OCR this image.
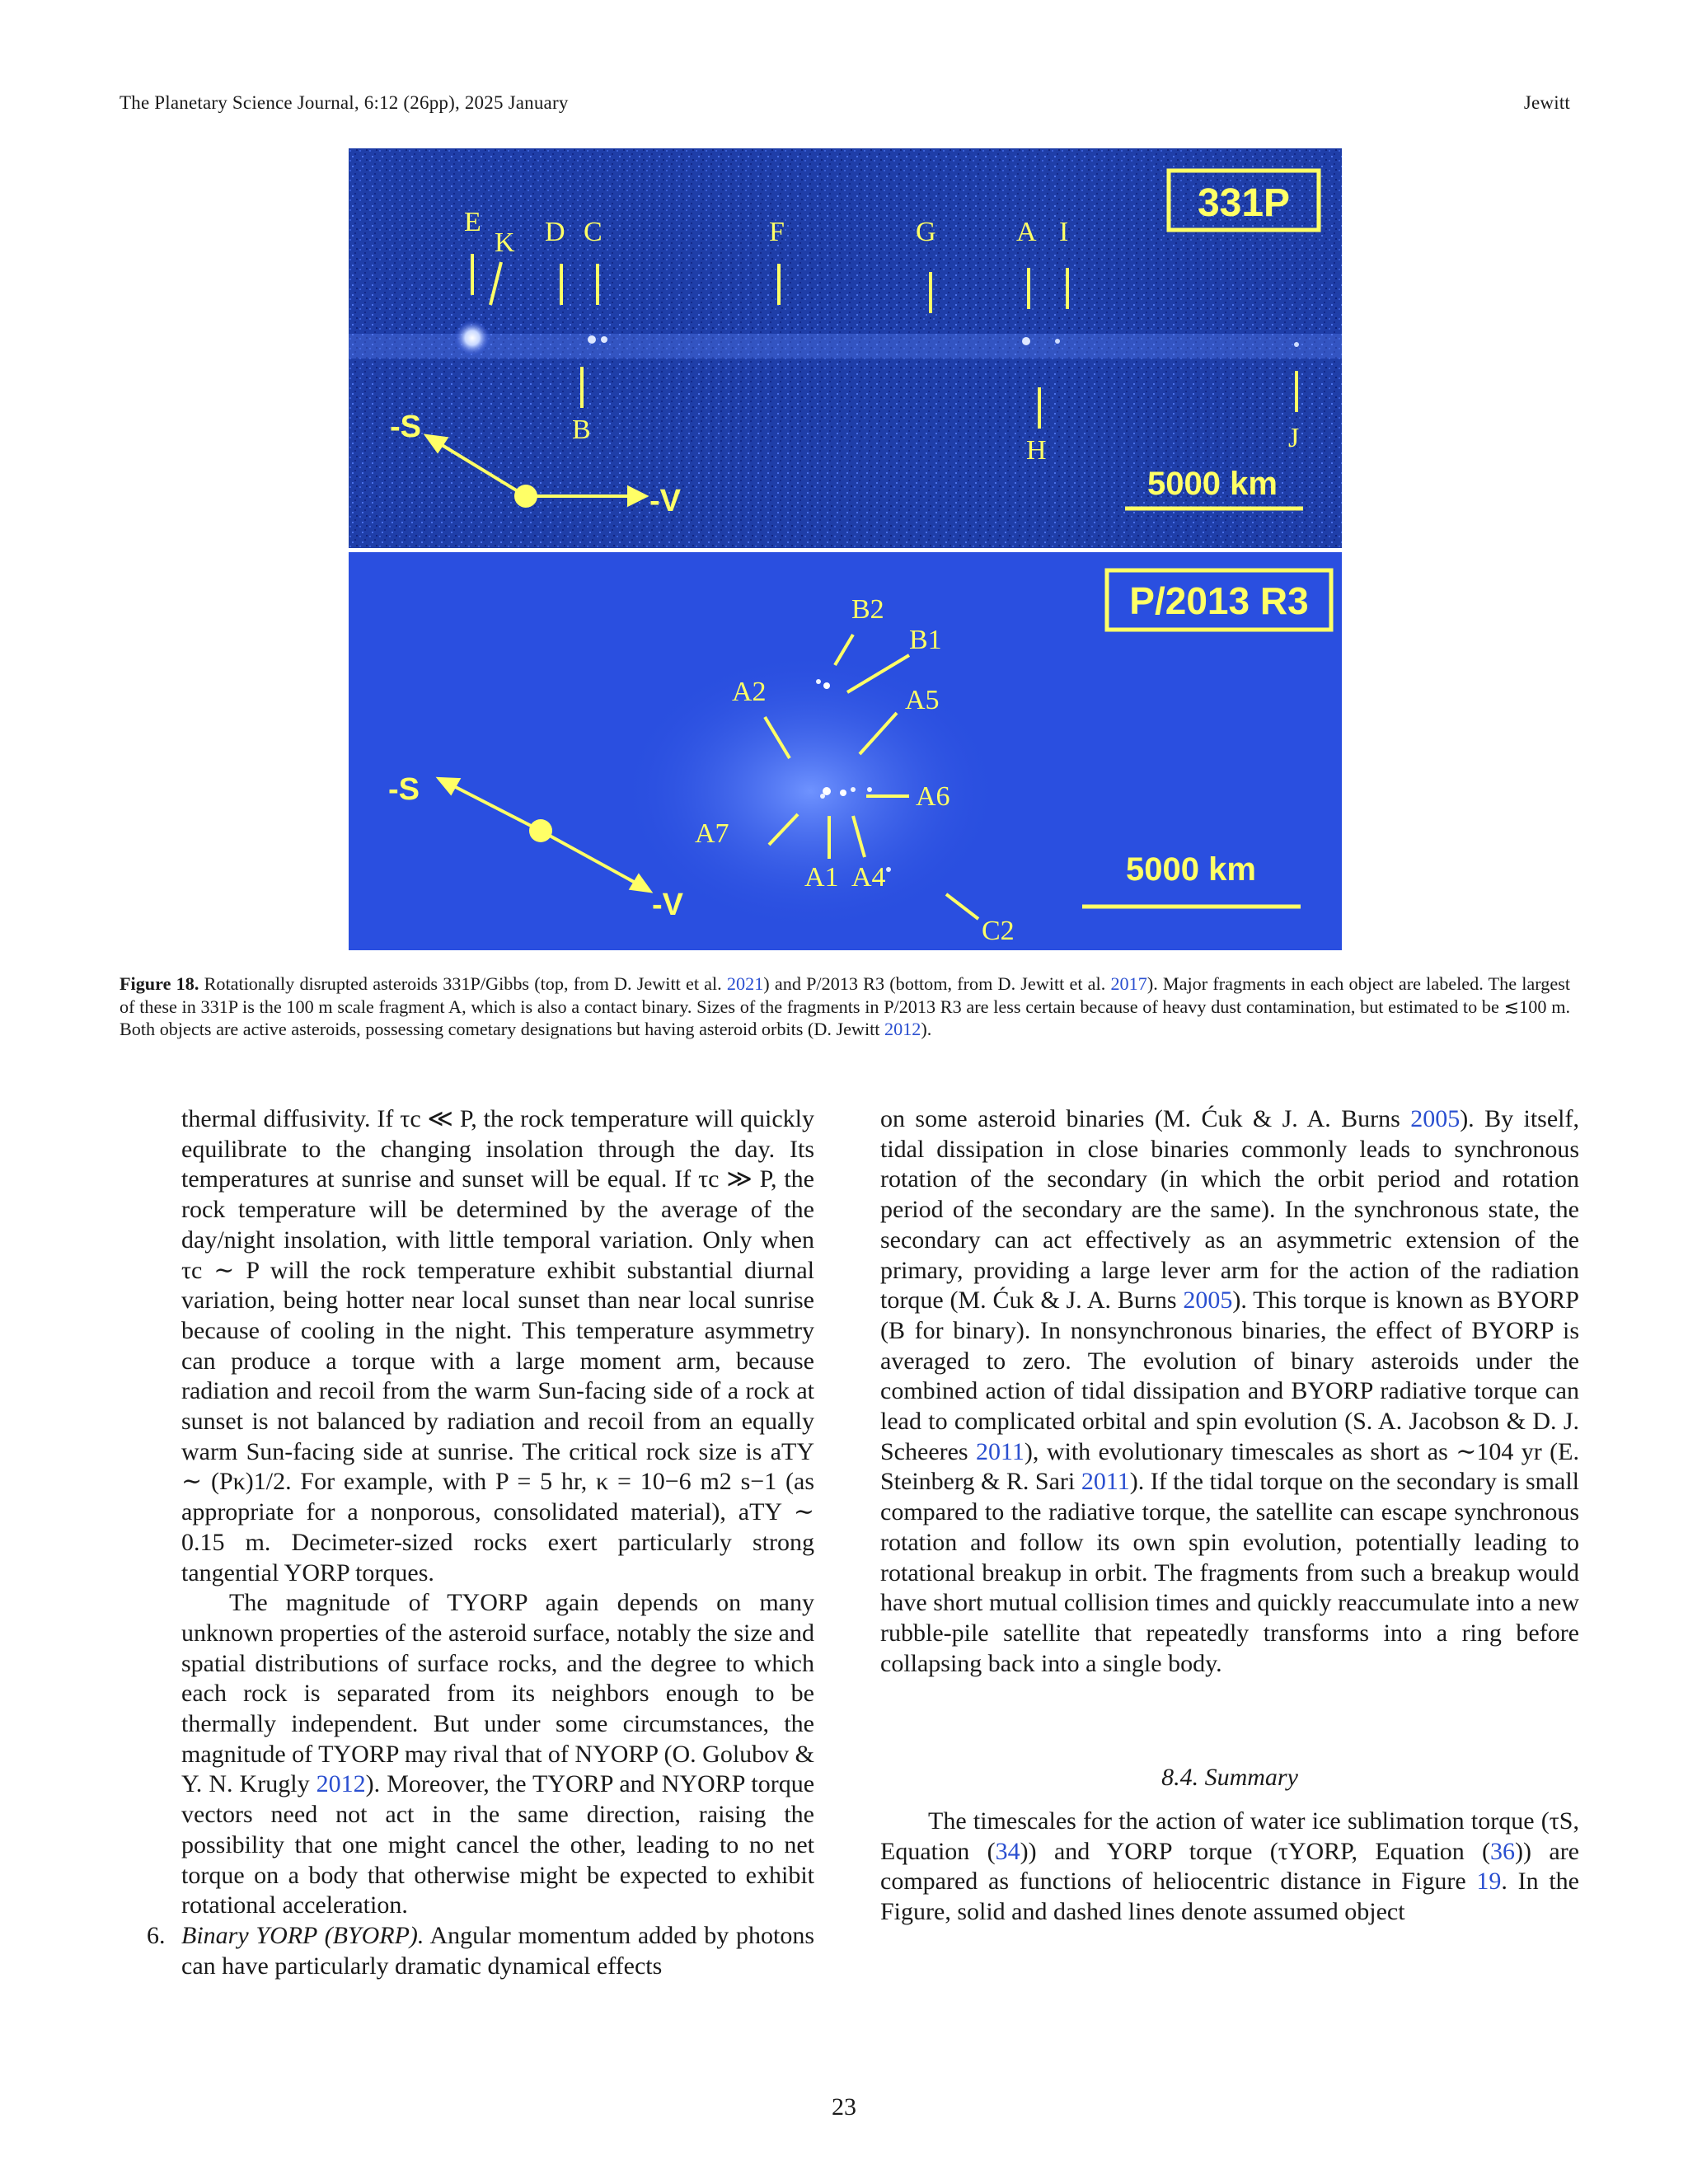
The Planetary Science Journal, 6:12 (26pp), 2025 January	Jewitt
331P
E
K D C	F	G	A I
B
H	J
-S
-V	5000 km
P/2013 R3
B2
B1
A2	A5
A6
A7
A1 A4
C2
-S
-V
5000 km
Figure 18. Rotationally disrupted asteroids 331P/Gibbs (top, from D. Jewitt et al. 2021) and P/2013 R3 (bottom, from D. Jewitt et al. 2017). Major fragments in each object are labeled. The largest of these in 331P is the 100 m scale fragment A, which is also a contact binary. Sizes of the fragments in P/2013 R3 are less certain because of heavy dust contamination, but estimated to be ≲100 m. Both objects are active asteroids, possessing cometary designations but having asteroid orbits (D. Jewitt 2012).

thermal diffusivity. If τc ≪ P, the rock temperature will quickly equilibrate to the changing insolation through the day. Its temperatures at sunrise and sunset will be equal. If τc ≫ P, the rock temperature will be determined by the average of the day/night insolation, with little temporal variation. Only when τc ∼ P will the rock temperature exhibit substantial diurnal variation, being hotter near local sunset than near local sunrise because of cooling in the night. This temperature asymmetry can produce a torque with a large moment arm, because radiation and recoil from the warm Sun-facing side of a rock at sunset is not balanced by radiation and recoil from an equally warm Sun-facing side at sunrise. The critical rock size is aTY ∼ (Pκ)1/2. For example, with P = 5 hr, κ = 10−6 m2 s−1 (as appropriate for a nonporous, consolidated material), aTY ∼ 0.15 m. Decimeter-sized rocks exert particularly strong tangential YORP torques.

The magnitude of TYORP again depends on many unknown properties of the asteroid surface, notably the size and spatial distributions of surface rocks, and the degree to which each rock is separated from its neighbors enough to be thermally independent. But under some circumstances, the magnitude of TYORP may rival that of NYORP (O. Golubov & Y. N. Krugly 2012). Moreover, the TYORP and NYORP torque vectors need not act in the same direction, raising the possibility that one might cancel the other, leading to no net torque on a body that otherwise might be expected to exhibit rotational acceleration.

6. Binary YORP (BYORP). Angular momentum added by photons can have particularly dramatic dynamical effects

on some asteroid binaries (M. Ćuk & J. A. Burns 2005). By itself, tidal dissipation in close binaries commonly leads to synchronous rotation of the secondary (in which the orbit period and rotation period of the secondary are the same). In the synchronous state, the secondary can act effectively as an asymmetric extension of the primary, providing a large lever arm for the action of the radiation torque (M. Ćuk & J. A. Burns 2005). This torque is known as BYORP (B for binary). In nonsynchronous binaries, the effect of BYORP is averaged to zero. The evolution of binary asteroids under the combined action of tidal dissipation and BYORP radiative torque can lead to complicated orbital and spin evolution (S. A. Jacobson & D. J. Scheeres 2011), with evolutionary timescales as short as ∼104 yr (E. Steinberg & R. Sari 2011). If the tidal torque on the secondary is small compared to the radiative torque, the satellite can escape synchronous rotation and follow its own spin evolution, potentially leading to rotational breakup in orbit. The fragments from such a breakup would have short mutual collision times and quickly reaccumulate into a new rubble-pile satellite that repeatedly transforms into a ring before collapsing back into a single body.

8.4. Summary

The timescales for the action of water ice sublimation torque (τS, Equation (34)) and YORP torque (τYORP, Equation (36)) are compared as functions of heliocentric distance in Figure 19. In the Figure, solid and dashed lines denote assumed object

23
